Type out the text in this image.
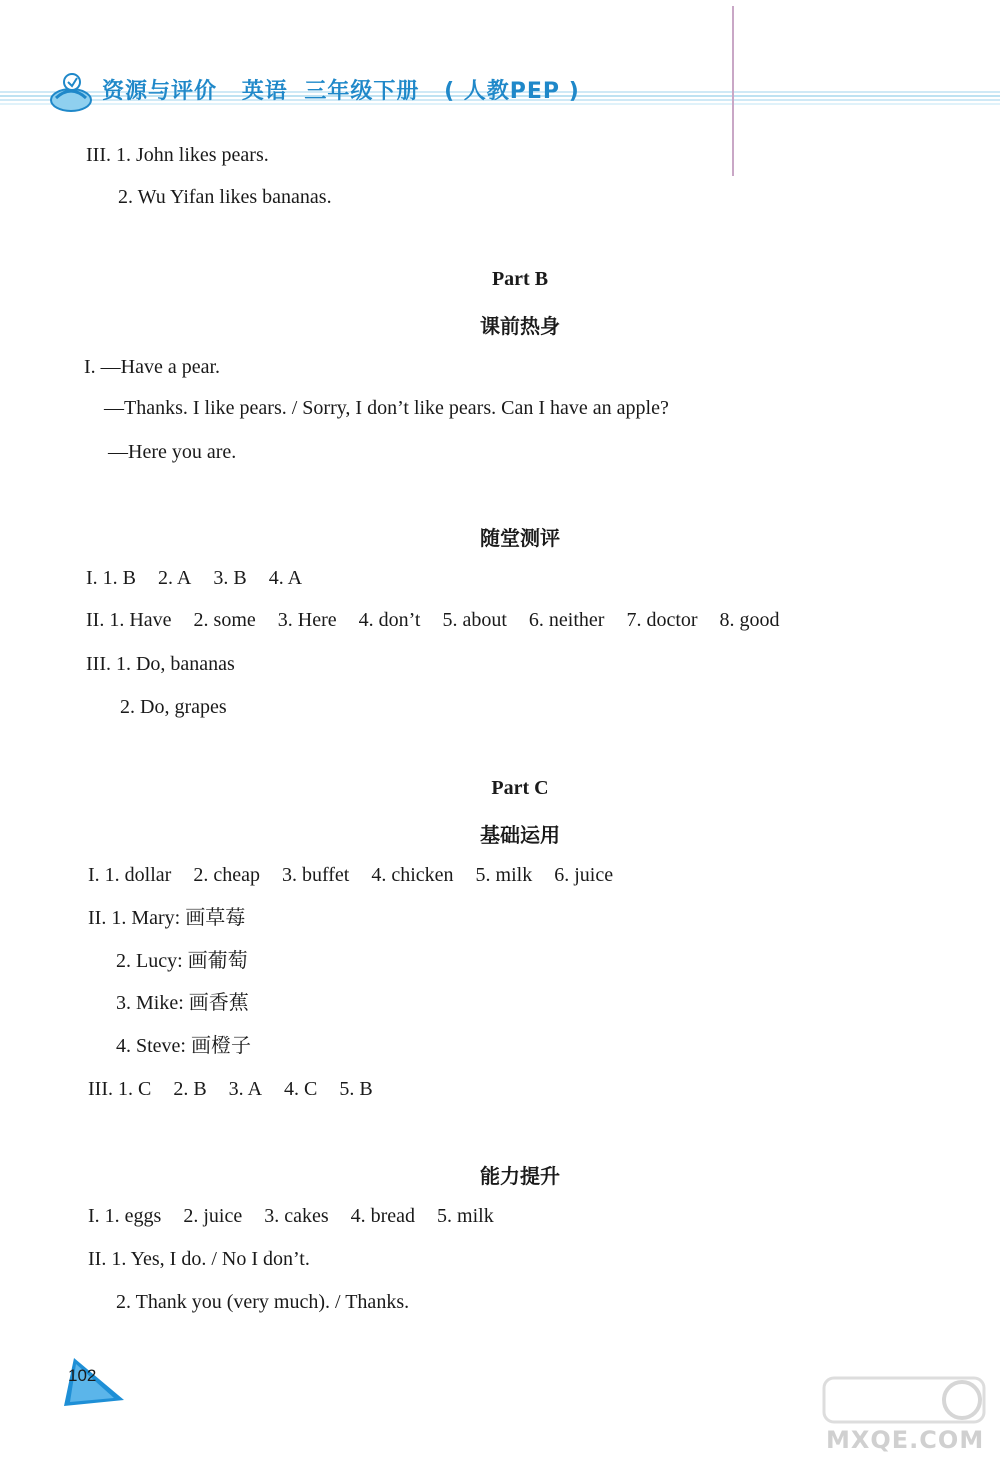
资源与评价 英语 三年级下册 ( 人教PEP )
III. 1. John likes pears.
2. Wu Yifan likes bananas.
Part B
课前热身
I. —Have a pear.
—Thanks. I like pears. / Sorry, I don’t like pears. Can I have an apple?
—Here you are.
随堂测评
I. 1. B 2. A 3. B 4. A
II. 1. Have 2. some 3. Here 4. don’t 5. about 6. neither 7. doctor 8. good
III. 1. Do, bananas
2. Do, grapes
Part C
基础运用
I. 1. dollar 2. cheap 3. buffet 4. chicken 5. milk 6. juice
II. 1. Mary: 画草莓
2. Lucy: 画葡萄
3. Mike: 画香蕉
4. Steve: 画橙子
III. 1. C 2. B 3. A 4. C 5. B
能力提升
I. 1. eggs 2. juice 3. cakes 4. bread 5. milk
II. 1. Yes, I do. / No I don’t.
2. Thank you (very much). / Thanks.
102
MXQE.COM
